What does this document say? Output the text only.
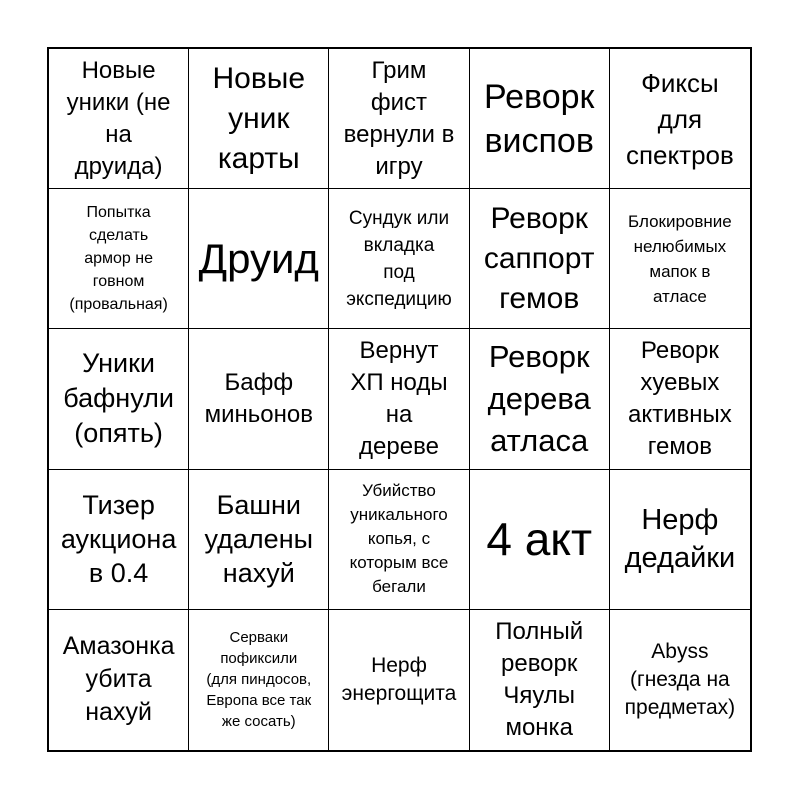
Новые
уники (не
на
друида)
Новые
уник
карты
Грим
фист
вернули в
игру
Реворк
виспов
Фиксы
для
спектров
Попытка
сделать
армор не
говном
(провальная)
Друид
Сундук или
вкладка
под
экспедицию
Реворк
саппорт
гемов
Блокировние
нелюбимых
мапок в
атласе
Уники
бафнули
(опять)
Бафф
миньонов
Вернут
ХП ноды
на
дереве
Реворк
дерева
атласа
Реворк
хуевых
активных
гемов
Тизер
аукциона
в 0.4
Башни
удалены
нахуй
Убийство
уникального
копья, с
которым все
бегали
4 акт	Нерф
дедайки
Амазонка
убита
нахуй
Серваки
пофиксили
(для пиндосов,
Европа все так
же сосать)
Нерф
энергощита
Полный
реворк
Чяулы
монка
Abyss
(гнезда на
предметах)
